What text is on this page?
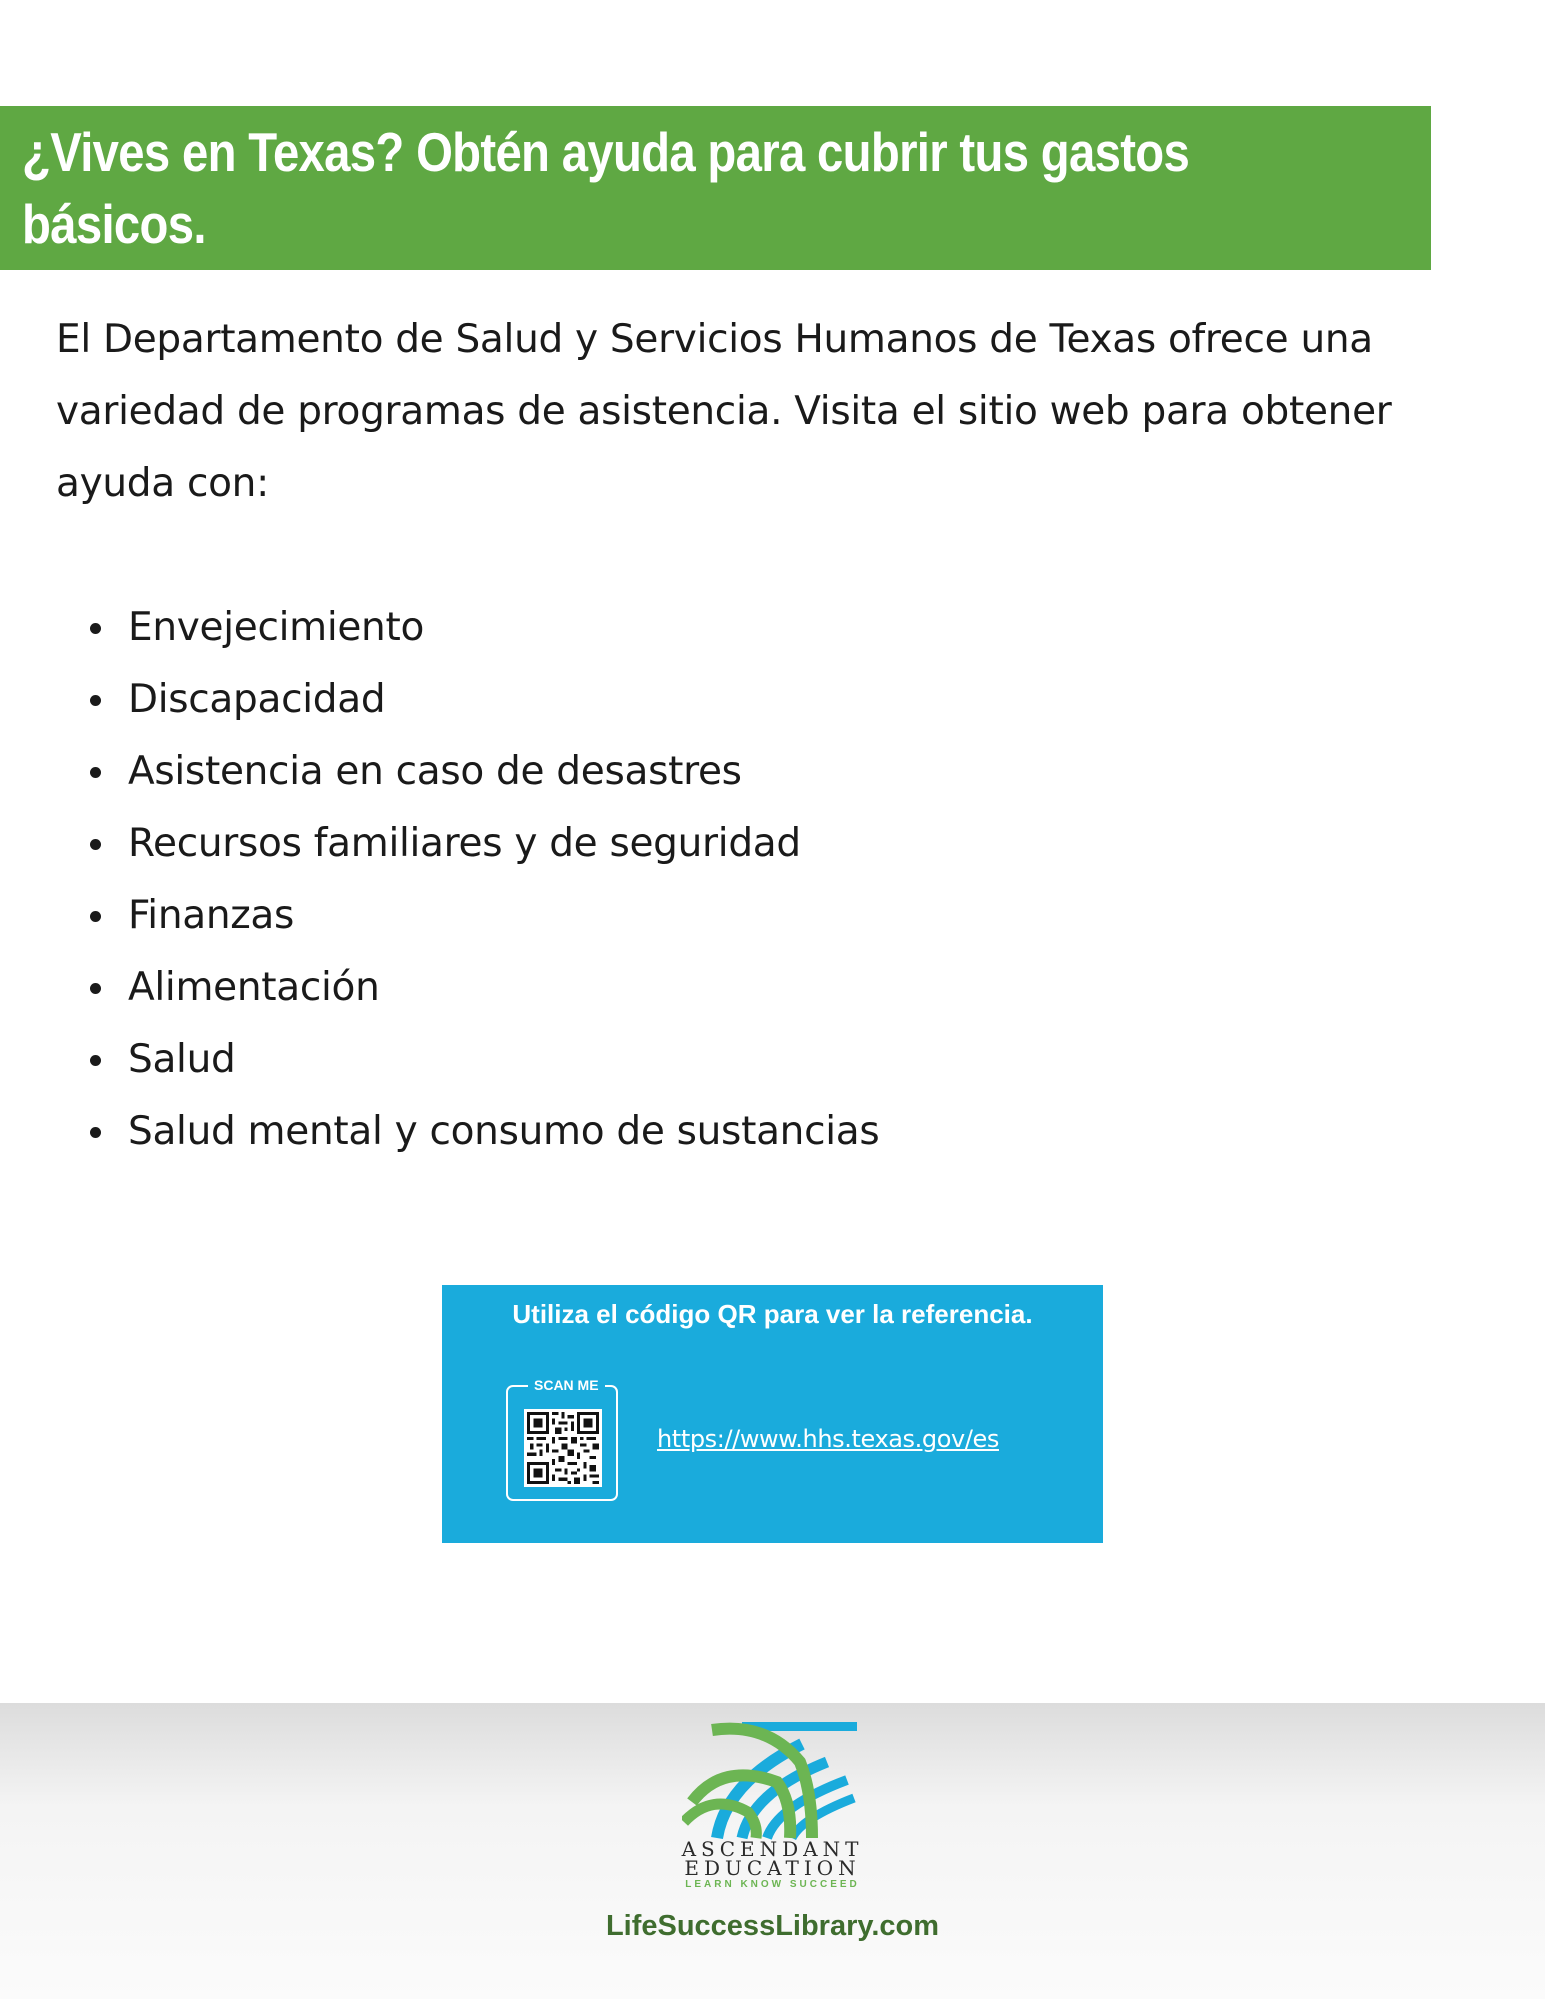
¿Vives en Texas? Obtén ayuda para cubrir tus gastos básicos.
El Departamento de Salud y Servicios Humanos de Texas ofrece una variedad de programas de asistencia. Visita el sitio web para obtener ayuda con:
Envejecimiento
Discapacidad
Asistencia en caso de desastres
Recursos familiares y de seguridad
Finanzas
Alimentación
Salud
Salud mental y consumo de sustancias
Utiliza el código QR para ver la referencia.
SCAN ME
https://www.hhs.texas.gov/es
ASCENDANT
EDUCATION
LEARN KNOW SUCCEED
LifeSuccessLibrary.com
